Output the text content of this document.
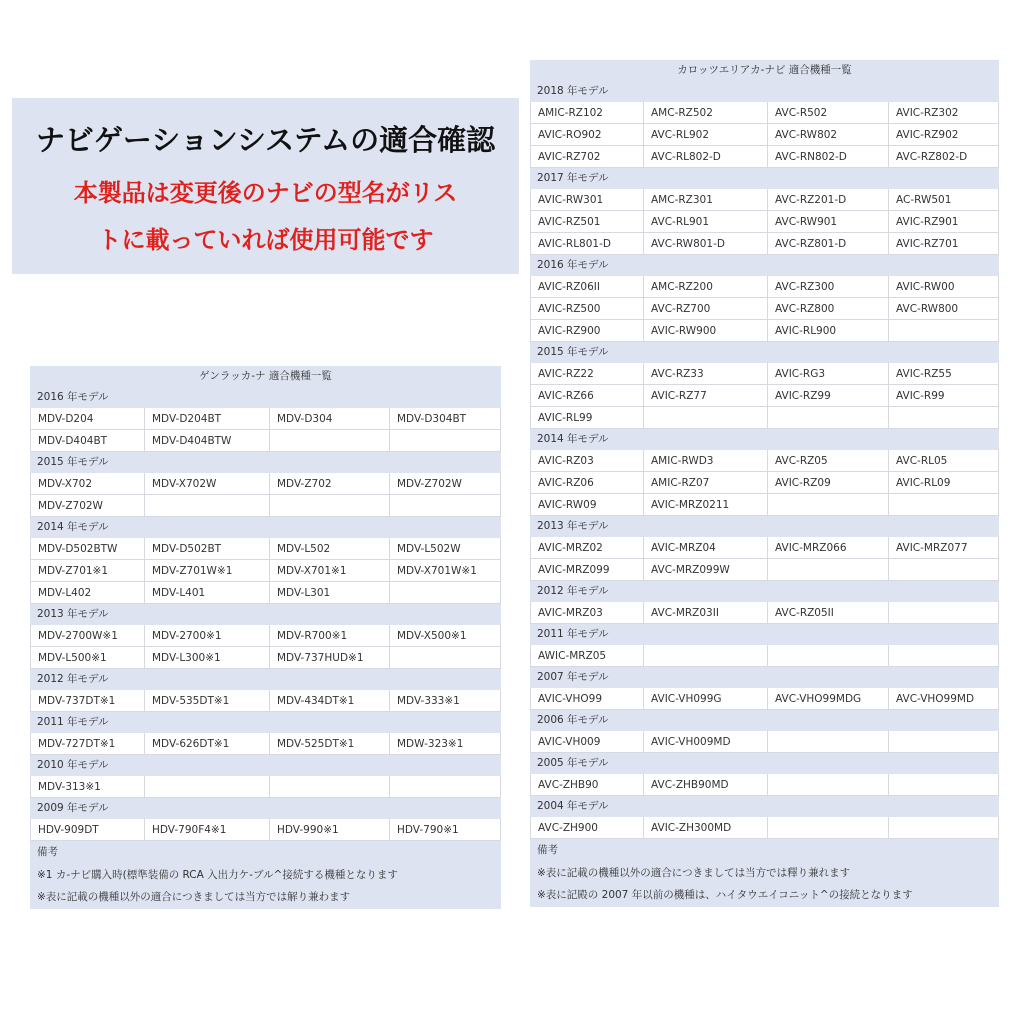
ナビゲーションシステムの適合確認
本製品は変更後のナビの型名がリス
トに載っていれば使用可能です
ゲンラッカ-ナ 適合機種一覧
2016 年モデル
MDV-D204	MDV-D204BT	MDV-D304	MDV-D304BT
MDV-D404BT	MDV-D404BTW
2015 年モデル
MDV-X702	MDV-X702W	MDV-Z702	MDV-Z702W
MDV-Z702W
2014 年モデル
MDV-D502BTW	MDV-D502BT	MDV-L502	MDV-L502W
MDV-Z701※1	MDV-Z701W※1	MDV-X701※1	MDV-X701W※1
MDV-L402	MDV-L401	MDV-L301
2013 年モデル
MDV-2700W※1	MDV-2700※1	MDV-R700※1	MDV-X500※1
MDV-L500※1	MDV-L300※1	MDV-737HUD※1
2012 年モデル
MDV-737DT※1	MDV-535DT※1	MDV-434DT※1	MDV-333※1
2011 年モデル
MDV-727DT※1	MDV-626DT※1	MDV-525DT※1	MDW-323※1
2010 年モデル
MDV-313※1
2009 年モデル
HDV-909DT	HDV-790F4※1	HDV-990※1	HDV-790※1
備考
※1 カ-ナビ購入時(標準装備の RCA 入出力ケ-ブル^接続する機種となります
※表に記載の機種以外の適合につきましては当方では解り兼わます
カロッツエリアカ-ナビ 適合機種一覧
2018 年モデル
AMIC-RZ102	AMC-RZ502	AVC-R502	AVIC-RZ302
AVIC-RO902	AVC-RL902	AVC-RW802	AVIC-RZ902
AVIC-RZ702	AVC-RL802-D	AVC-RN802-D	AVC-RZ802-D
2017 年モデル
AVIC-RW301	AMC-RZ301	AVC-RZ201-D	AC-RW501
AVIC-RZ501	AVC-RL901	AVC-RW901	AVIC-RZ901
AVIC-RL801-D	AVC-RW801-D	AVC-RZ801-D	AVIC-RZ701
2016 年モデル
AVIC-RZ06II	AMC-RZ200	AVC-RZ300	AVIC-RW00
AVIC-RZ500	AVC-RZ700	AVC-RZ800	AVC-RW800
AVIC-RZ900	AVIC-RW900	AVIC-RL900
2015 年モデル
AVIC-RZ22	AVC-RZ33	AVIC-RG3	AVIC-RZ55
AVIC-RZ66	AVIC-RZ77	AVIC-RZ99	AVIC-R99
AVIC-RL99
2014 年モデル
AVIC-RZ03	AMIC-RWD3	AVC-RZ05	AVC-RL05
AVIC-RZ06	AMIC-RZ07	AVIC-RZ09	AVIC-RL09
AVIC-RW09	AVIC-MRZ0211
2013 年モデル
AVIC-MRZ02	AVIC-MRZ04	AVIC-MRZ066	AVIC-MRZ077
AVIC-MRZ099	AVC-MRZ099W
2012 年モデル
AVIC-MRZ03	AVC-MRZ03II	AVC-RZ05II
2011 年モデル
AWIC-MRZ05
2007 年モデル
AVIC-VHO99	AVIC-VH099G	AVC-VHO99MDG	AVC-VHO99MD
2006 年モデル
AVIC-VH009	AVIC-VH009MD
2005 年モデル
AVC-ZHB90	AVC-ZHB90MD
2004 年モデル
AVC-ZH900	AVIC-ZH300MD
備考
※表に記載の機種以外の適合につきましては当方では釋り兼れます
※表に記殿の 2007 年以前の機種は、ハイタウエイコニット^の接続となります
